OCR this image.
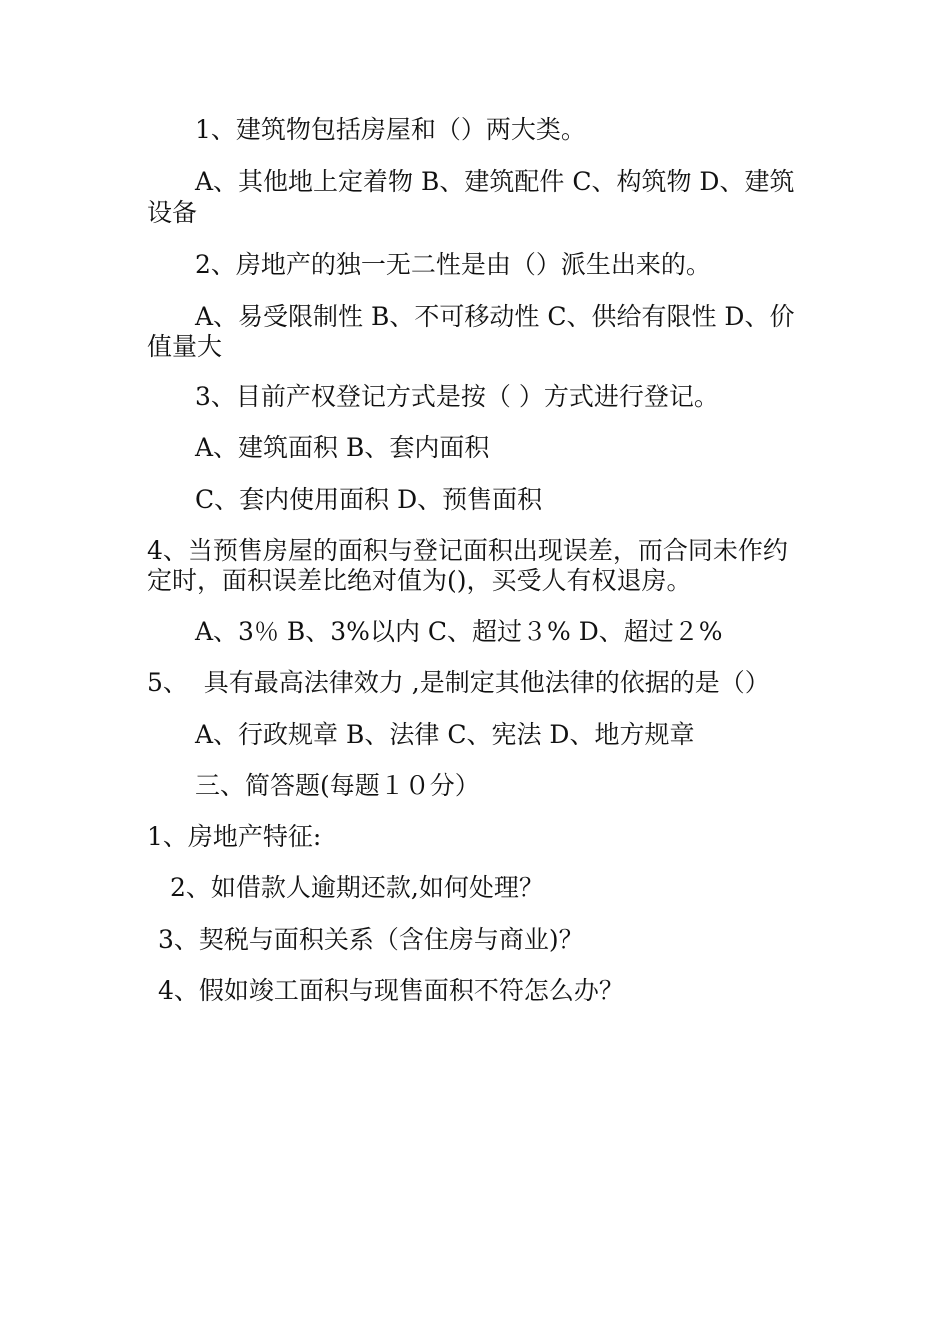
1、建筑物包括房屋和（）两大类。

A、其他地上定着物 B、建筑配件 C、构筑物 D、建筑

设备

2、房地产的独一无二性是由（）派生出来的。

A、易受限制性 B、不可移动性 C、供给有限性 D、价

值量大

3、目前产权登记方式是按（ ）方式进行登记。

A、建筑面积 B、套内面积

C、套内使用面积 D、预售面积

4、当预售房屋的面积与登记面积出现误差，而合同未作约

定时，面积误差比绝对值为()，买受人有权退房。

A、3％ B、3%以内 C、超过３% D、超过２%

5、  具有最高法律效力 ,是制定其他法律的依据的是（）

A、行政规章 B、法律 C、宪法 D、地方规章

三、简答题(每题１０分）

1、房地产特征:

2、如借款人逾期还款,如何处理？

3、契税与面积关系（含住房与商业)？

4、假如竣工面积与现售面积不符怎么办？
